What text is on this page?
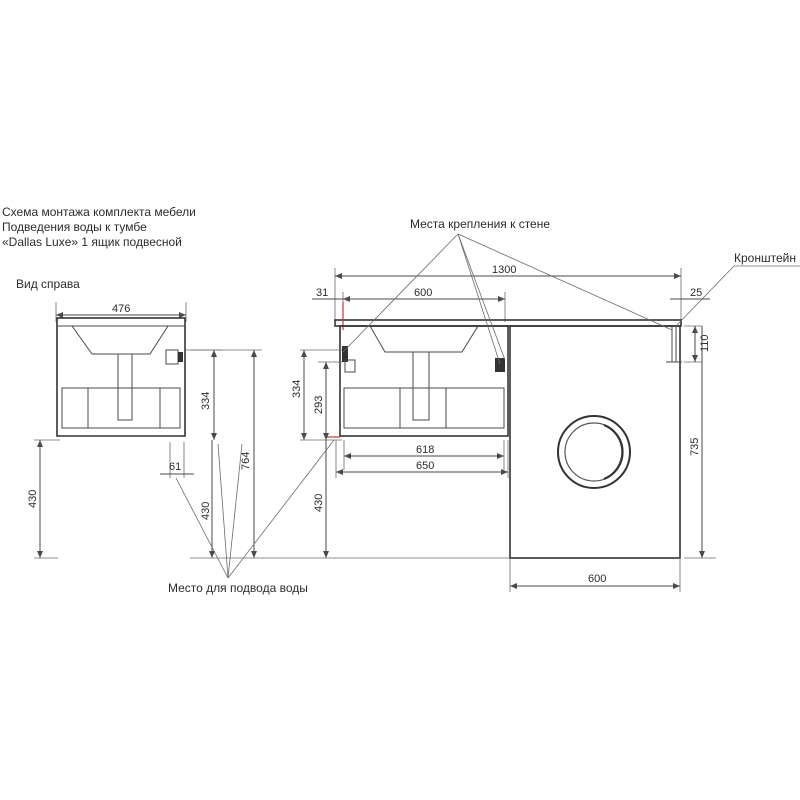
Схема монтажа комплекта мебели
Подведения воды к тумбе
«Dallas Luxe» 1 ящик подвесной
Вид справа
476
430
61
334
430
764
1300
600
31	25
334
293
430
618
650
110
735
600
Места крепления к стене
Кронштейн
Место для подвода воды
